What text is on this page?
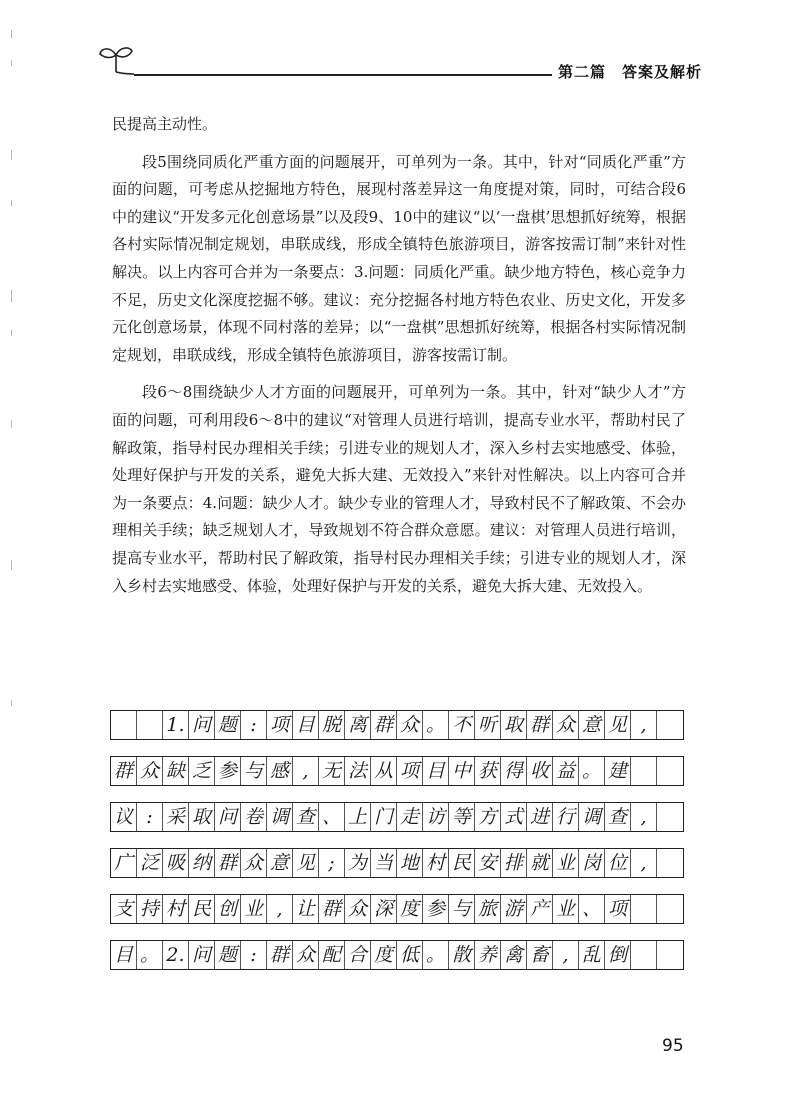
第二篇　答案及解析

民提高主动性。

段5围绕同质化严重方面的问题展开，可单列为一条。其中，针对“同质化严重”方面的问题，可考虑从挖掘地方特色，展现村落差异这一角度提对策，同时，可结合段6中的建议“开发多元化创意场景”以及段9、10中的建议“以‘一盘棋’思想抓好统筹，根据各村实际情况制定规划，串联成线，形成全镇特色旅游项目，游客按需订制”来针对性解决。以上内容可合并为一条要点：3.问题：同质化严重。缺少地方特色，核心竞争力不足，历史文化深度挖掘不够。建议：充分挖掘各村地方特色农业、历史文化，开发多元化创意场景，体现不同村落的差异；以“一盘棋”思想抓好统筹，根据各村实际情况制定规划，串联成线，形成全镇特色旅游项目，游客按需订制。

段6～8围绕缺少人才方面的问题展开，可单列为一条。其中，针对“缺少人才”方面的问题，可利用段6～8中的建议“对管理人员进行培训，提高专业水平，帮助村民了解政策，指导村民办理相关手续；引进专业的规划人才，深入乡村去实地感受、体验，处理好保护与开发的关系，避免大拆大建、无效投入”来针对性解决。以上内容可合并为一条要点：4.问题：缺少人才。缺少专业的管理人才，导致村民不了解政策、不会办理相关手续；缺乏规划人才，导致规划不符合群众意愿。建议：对管理人员进行培训，提高专业水平，帮助村民了解政策，指导村民办理相关手续；引进专业的规划人才，深入乡村去实地感受、体验，处理好保护与开发的关系，避免大拆大建、无效投入。

1. 问 题 : 项 目 脱 离 群 众 。 不 听 取 群 众 意 见 ,
群 众 缺 乏 参 与 感 , 无 法 从 项 目 中 获 得 收 益 。 建
议 : 采 取 问 卷 调 查 、 上 门 走 访 等 方 式 进 行 调 查 ,
广 泛 吸 纳 群 众 意 见 ; 为 当 地 村 民 安 排 就 业 岗 位 ,
支 持 村 民 创 业 , 让 群 众 深 度 参 与 旅 游 产 业 、 项
目 。 2. 问 题 : 群 众 配 合 度 低 。 散 养 禽 畜 , 乱 倒
95
